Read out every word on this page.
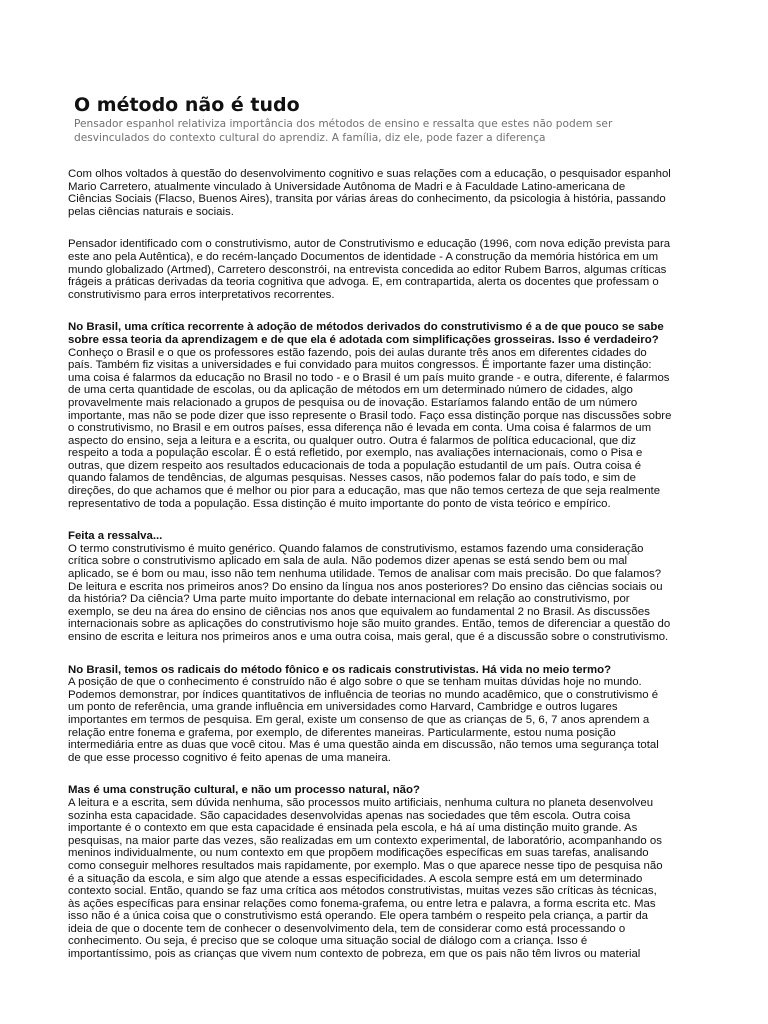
O método não é tudo
Pensador espanhol relativiza importância dos métodos de ensino e ressalta que estes não podem ser
desvinculados do contexto cultural do aprendiz. A família, diz ele, pode fazer a diferença
Com olhos voltados à questão do desenvolvimento cognitivo e suas relações com a educação, o pesquisador espanhol
Mario Carretero, atualmente vinculado à Universidade Autônoma de Madri e à Faculdade Latino-americana de
Ciências Sociais (Flacso, Buenos Aires), transita por várias áreas do conhecimento, da psicologia à história, passando
pelas ciências naturais e sociais.
Pensador identificado com o construtivismo, autor de Construtivismo e educação (1996, com nova edição prevista para
este ano pela Autêntica), e do recém-lançado Documentos de identidade - A construção da memória histórica em um
mundo globalizado (Artmed), Carretero desconstrói, na entrevista concedida ao editor Rubem Barros, algumas críticas
frágeis a práticas derivadas da teoria cognitiva que advoga. E, em contrapartida, alerta os docentes que professam o
construtivismo para erros interpretativos recorrentes.
No Brasil, uma crítica recorrente à adoção de métodos derivados do construtivismo é a de que pouco se sabe
sobre essa teoria da aprendizagem e de que ela é adotada com simplificações grosseiras. Isso é verdadeiro?
Conheço o Brasil e o que os professores estão fazendo, pois dei aulas durante três anos em diferentes cidades do
país. Também fiz visitas a universidades e fui convidado para muitos congressos. É importante fazer uma distinção:
uma coisa é falarmos da educação no Brasil no todo - e o Brasil é um país muito grande - e outra, diferente, é falarmos
de uma certa quantidade de escolas, ou da aplicação de métodos em um determinado número de cidades, algo
provavelmente mais relacionado a grupos de pesquisa ou de inovação. Estaríamos falando então de um número
importante, mas não se pode dizer que isso represente o Brasil todo. Faço essa distinção porque nas discussões sobre
o construtivismo, no Brasil e em outros países, essa diferença não é levada em conta. Uma coisa é falarmos de um
aspecto do ensino, seja a leitura e a escrita, ou qualquer outro. Outra é falarmos de política educacional, que diz
respeito a toda a população escolar. É o está refletido, por exemplo, nas avaliações internacionais, como o Pisa e
outras, que dizem respeito aos resultados educacionais de toda a população estudantil de um país. Outra coisa é
quando falamos de tendências, de algumas pesquisas. Nesses casos, não podemos falar do país todo, e sim de
direções, do que achamos que é melhor ou pior para a educação, mas que não temos certeza de que seja realmente
representativo de toda a população. Essa distinção é muito importante do ponto de vista teórico e empírico.
Feita a ressalva...
O termo construtivismo é muito genérico. Quando falamos de construtivismo, estamos fazendo uma consideração
crítica sobre o construtivismo aplicado em sala de aula. Não podemos dizer apenas se está sendo bem ou mal
aplicado, se é bom ou mau, isso não tem nenhuma utilidade. Temos de analisar com mais precisão. Do que falamos?
De leitura e escrita nos primeiros anos? Do ensino da língua nos anos posteriores? Do ensino das ciências sociais ou
da história? Da ciência? Uma parte muito importante do debate internacional em relação ao construtivismo, por
exemplo, se deu na área do ensino de ciências nos anos que equivalem ao fundamental 2 no Brasil. As discussões
internacionais sobre as aplicações do construtivismo hoje são muito grandes. Então, temos de diferenciar a questão do
ensino de escrita e leitura nos primeiros anos e uma outra coisa, mais geral, que é a discussão sobre o construtivismo.
No Brasil, temos os radicais do método fônico e os radicais construtivistas. Há vida no meio termo?
A posição de que o conhecimento é construído não é algo sobre o que se tenham muitas dúvidas hoje no mundo.
Podemos demonstrar, por índices quantitativos de influência de teorias no mundo acadêmico, que o construtivismo é
um ponto de referência, uma grande influência em universidades como Harvard, Cambridge e outros lugares
importantes em termos de pesquisa. Em geral, existe um consenso de que as crianças de 5, 6, 7 anos aprendem a
relação entre fonema e grafema, por exemplo, de diferentes maneiras. Particularmente, estou numa posição
intermediária entre as duas que você citou. Mas é uma questão ainda em discussão, não temos uma segurança total
de que esse processo cognitivo é feito apenas de uma maneira.
Mas é uma construção cultural, e não um processo natural, não?
A leitura e a escrita, sem dúvida nenhuma, são processos muito artificiais, nenhuma cultura no planeta desenvolveu
sozinha esta capacidade. São capacidades desenvolvidas apenas nas sociedades que têm escola. Outra coisa
importante é o contexto em que esta capacidade é ensinada pela escola, e há aí uma distinção muito grande. As
pesquisas, na maior parte das vezes, são realizadas em um contexto experimental, de laboratório, acompanhando os
meninos individualmente, ou num contexto em que propõem modificações específicas em suas tarefas, analisando
como conseguir melhores resultados mais rapidamente, por exemplo. Mas o que aparece nesse tipo de pesquisa não
é a situação da escola, e sim algo que atende a essas especificidades. A escola sempre está em um determinado
contexto social. Então, quando se faz uma crítica aos métodos construtivistas, muitas vezes são críticas às técnicas,
às ações específicas para ensinar relações como fonema-grafema, ou entre letra e palavra, a forma escrita etc. Mas
isso não é a única coisa que o construtivismo está operando. Ele opera também o respeito pela criança, a partir da
ideia de que o docente tem de conhecer o desenvolvimento dela, tem de considerar como está processando o
conhecimento. Ou seja, é preciso que se coloque uma situação social de diálogo com a criança. Isso é
importantíssimo, pois as crianças que vivem num contexto de pobreza, em que os pais não têm livros ou material
